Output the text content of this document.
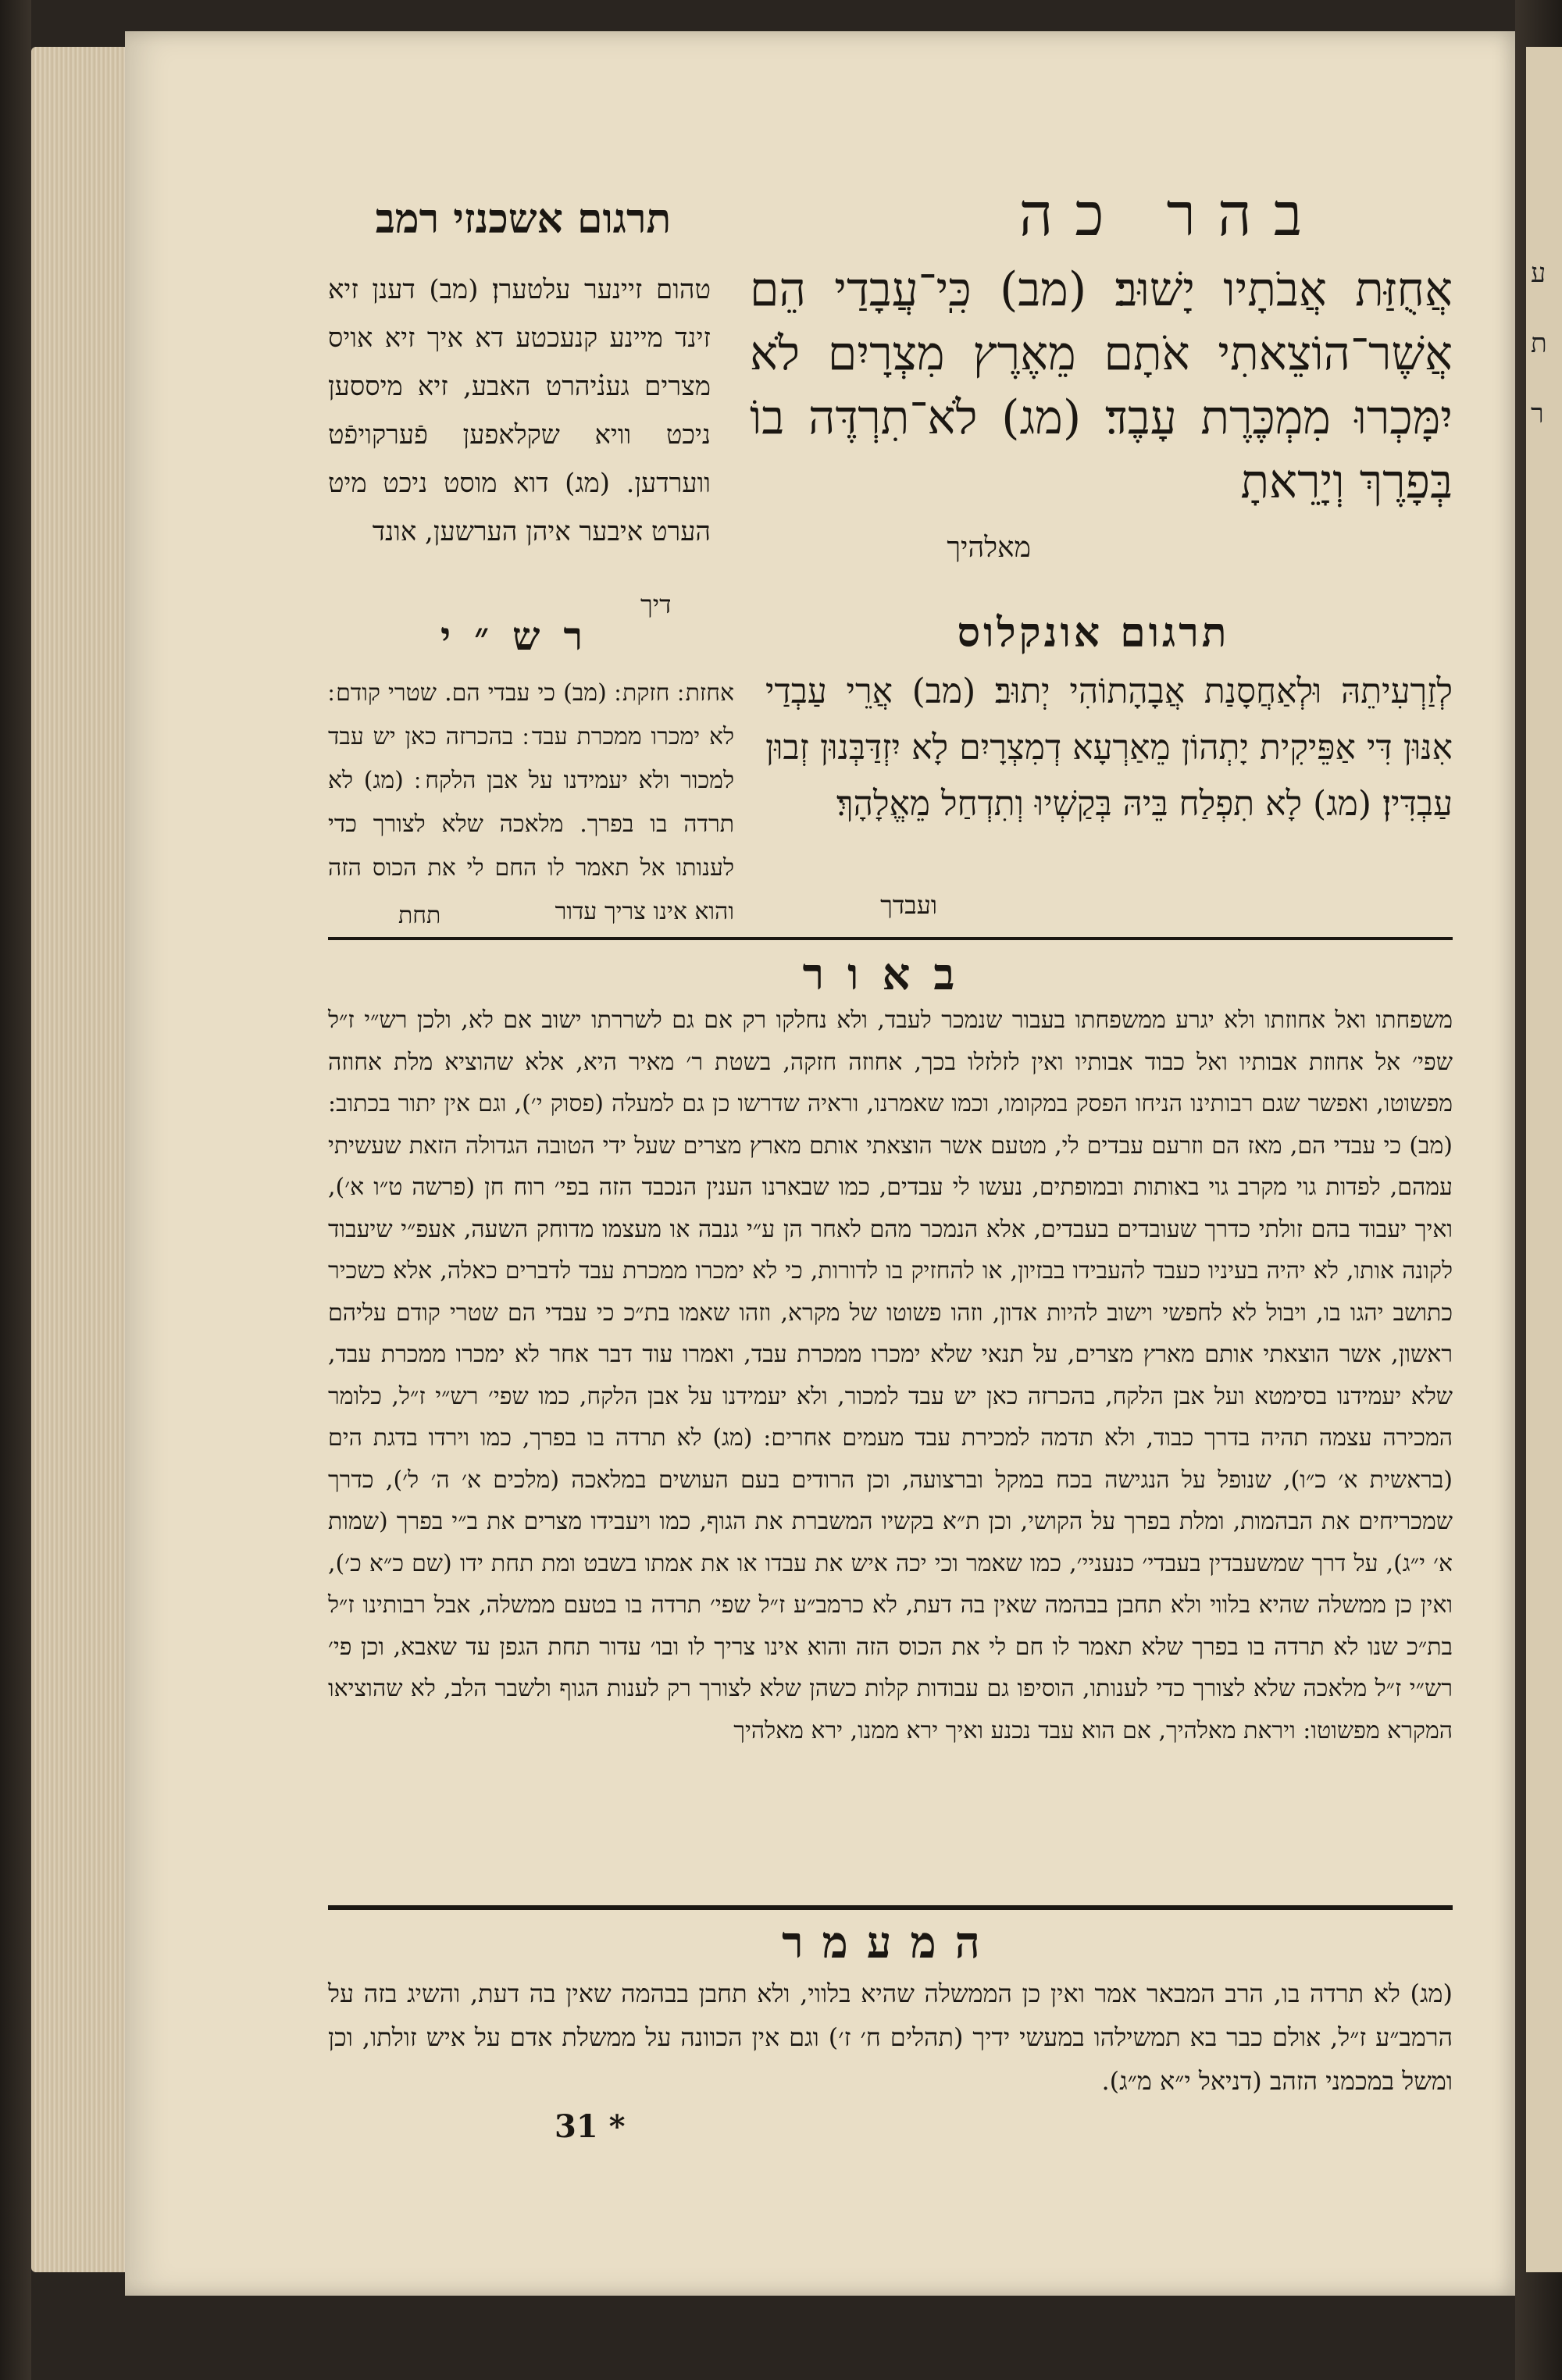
ע
ת
ר
בהר כה
תרגום אשכנזי רמב
אֲחֻזַּת אֲבֹתָיו יָשׁוּב׃ (מב) כִּֽי־עֲבָדַי הֵם אֲשֶׁר־הוֹצֵאתִי אֹתָם מֵאֶרֶץ מִצְרָיִם לֹא יִמָּכְרוּ מִמְכֶּרֶת עָבֶד׃ (מג) לֹא־תִרְדֶּה בוֹ בְּפָרֶךְ וְיָרֵאתָ
מאלהיך
טהום זיינער עלטערן׃ (מב) דענן זיא זינד מיינע קנעכטע דא איך זיא אויס מצרים גענ֗יהרט האבע, זיא מיססען ניכט וויא שקלאפען פֿערקויפֿט ווערדען. (מג) דוא מוסט ניכט מיט הערט איבער איהן הערשען, אונד
דיך
תרגום אונקלוס
רש״י
לְזַרְעִיתֵהּ וּלְאַחֲסָנַת אֲבָהָתוֹהִי יְתוּב׃ (מב) אֲרֵי עַבְדַי אִנּוּן דִּי אַפֵּיקִית יָתְהוֹן מֵאַרְעָא דְמִצְרָיִם לָא יִזְדַּבְּנוּן זְבוּן עַבְדִּין׃ (מג) לָא תִפְלַח בֵּיהּ בְּקַשְׁיוּ וְתִדְחַל מֵאֱלָהָךְ׃
ועבדך
אחזת ׃ חזקת ׃ (מב) כי עבדי הם. שטרי קודם ׃ לא ימכרו ממכרת עבד ׃ בהכרזה כאן יש עבד למכור ולא יעמידנו על אבן הלקח ׃ (מג) לא תרדה בו בפרך. מלאכה שלא לצורך כדי לענותו אל תאמר לו החם לי את הכוס הזה והוא אינו צריך עדור
תחת
באור
משפחתו ואל אחוזתו ולא יגרע ממשפחתו בעבור שנמכר לעבד, ולא נחלקו רק אם גם לשררתו ישוב אם לא, ולכן רש״י ז״ל שפי׳ אל אחוזת אבותיו ואל כבוד אבותיו ואין לזלזלו בכך, אחוזה חזקה, בשטת ר׳ מאיר היא, אלא שהוציא מלת אחוזה מפשוטו, ואפשר שגם רבותינו הניחו הפסק במקומו, וכמו שאמרנו, וראיה שדרשו כן גם למעלה (פסוק י׳), וגם אין יתור בכתוב: (מב) כי עבדי הם, מאז הם וזרעם עבדים לי, מטעם אשר הוצאתי אותם מארץ מצרים שעל ידי הטובה הגדולה הזאת שעשיתי עמהם, לפדות גוי מקרב גוי באותות ובמופתים, נעשו לי עבדים, כמו שבארנו הענין הנכבד הזה בפי׳ רוח חן (פרשה ט״ו א׳), ואיך יעבוד בהם זולתי כדרך שעובדים בעבדים, אלא הנמכר מהם לאחר הן ע״י גנבה או מעצמו מדוחק השעה, אעפ״י שיעבוד לקונה אותו, לא יהיה בעיניו כעבד להעבידו בבזיון, או להחזיק בו לדורות, כי לא ימכרו ממכרת עבד לדברים כאלה, אלא כשכיר כתושב יהגו בו, ויבול לא לחפשי וישוב להיות אדון, וזהו פשוטו של מקרא, וזהו שאמו בת״כ כי עבדי הם שטרי קודם עליהם ראשון, אשר הוצאתי אותם מארץ מצרים, על תנאי שלא ימכרו ממכרת עבד, ואמרו עוד דבר אחר לא ימכרו ממכרת עבד, שלא יעמידנו בסימטא ועל אבן הלקח, בהכרזה כאן יש עבד למכור, ולא יעמידנו על אבן הלקח, כמו שפי׳ רש״י ז״ל, כלומר המכירה עצמה תהיה בדרך כבוד, ולא תדמה למכירת עבד מעמים אחרים: (מג) לא תרדה בו בפרך, כמו וירדו בדגת הים (בראשית א׳ כ״ו), שנופל על הנגישה בכח במקל וברצועה, וכן הרודים בעם העושים במלאכה (מלכים א׳ ה׳ ל׳), כדרך שמכריחים את הבהמות, ומלת בפרך על הקושי, וכן ת״א בקשיו המשברת את הגוף, כמו ויעבידו מצרים את ב״י בפרך (שמות א׳ י״ג), על דרך שמשעבדין בעבדי׳ כנעניי׳, כמו שאמר וכי יכה איש את עבדו או את אמתו בשבט ומת תחת ידו (שם כ״א כ׳), ואין כן ממשלה שהיא בלווי ולא תחבן בבהמה שאין בה דעת, לא כרמב״ע ז״ל שפי׳ תרדה בו בטעם ממשלה, אבל רבותינו ז״ל בת״כ שנו לא תרדה בו בפרך שלא תאמר לו חם לי את הכוס הזה והוא אינו צריך לו ובו׳ עדור תחת הגפן עד שאבא, וכן פי׳ רש״י ז״ל מלאכה שלא לצורך כדי לענותו, הוסיפו גם עבודות קלות כשהן שלא לצורך רק לענות הגוף ולשבר הלב, לא שהוציאו המקרא מפשוטו: ויראת מאלהיך, אם הוא עבד נכנע ואיך ירא ממנו, ירא מאלהיך
המעמר
(מג) לא תרדה בו, הרב המבאר אמר ואין כן הממשלה שהיא בלווי, ולא תחבן בבהמה שאין בה דעת, והשיג בזה על הרמב״ע ז״ל, אולם כבר בא תמשילהו במעשי ידיך (תהלים ח׳ ז׳) וגם אין הכוונה על ממשלת אדם על איש זולתו, וכן ומשל במכמני הזהב (דניאל י״א מ״ג).
31 *
